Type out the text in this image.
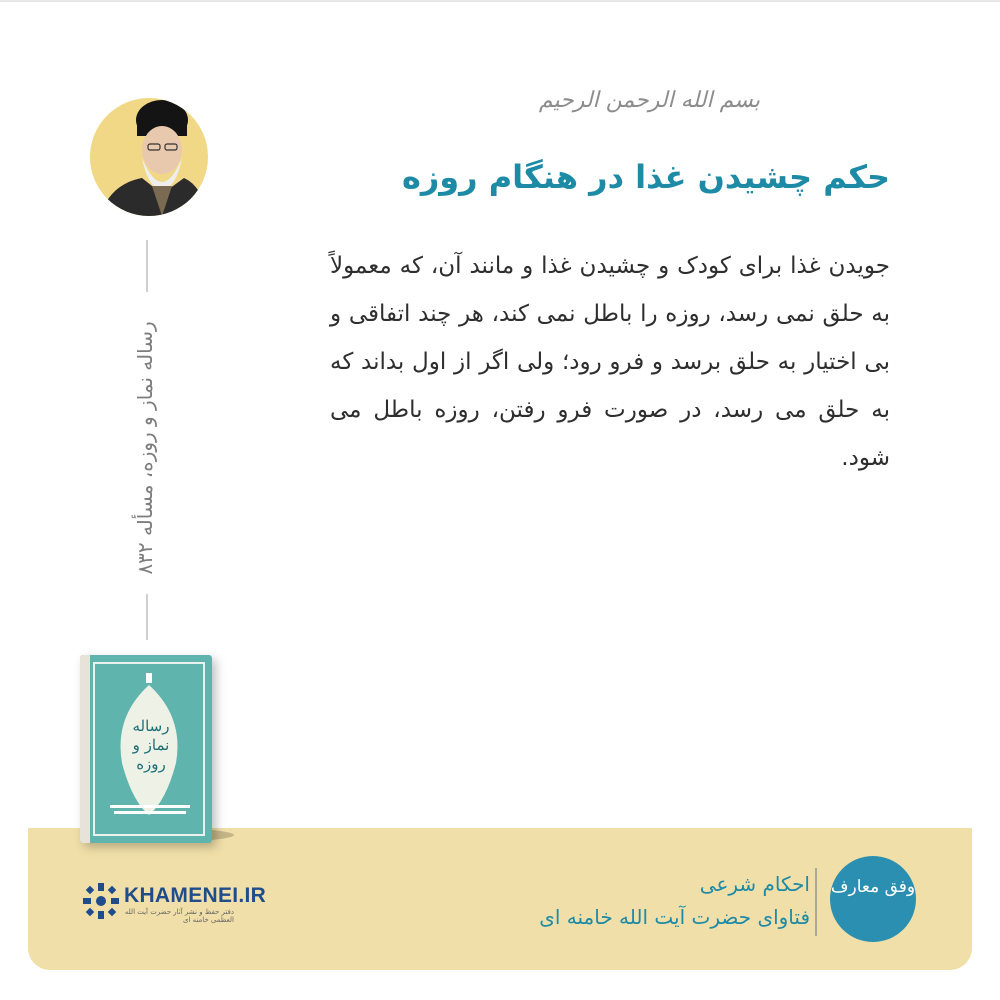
بسم الله الرحمن الرحیم
حکم چشیدن غذا در هنگام روزه
جویدن غذا برای کودک و چشیدن غذا و مانند آن، که معمولاً به حلق نمی رسد، روزه را باطل نمی کند، هر چند اتفاقی و بی اختیار به حلق برسد و فرو رود؛ ولی اگر از اول بداند که به حلق می رسد، در صورت فرو رفتن، روزه باطل می شود.
رساله نماز و روزه، مسأله ۸۳۲
رساله
نماز و
روزه
احکام شرعی
فتاوای حضرت آیت الله خامنه ای
وفق معارف
KHAMENEI.IR
دفتر حفظ و نشر آثار حضرت آیت الله العظمی خامنه ای
